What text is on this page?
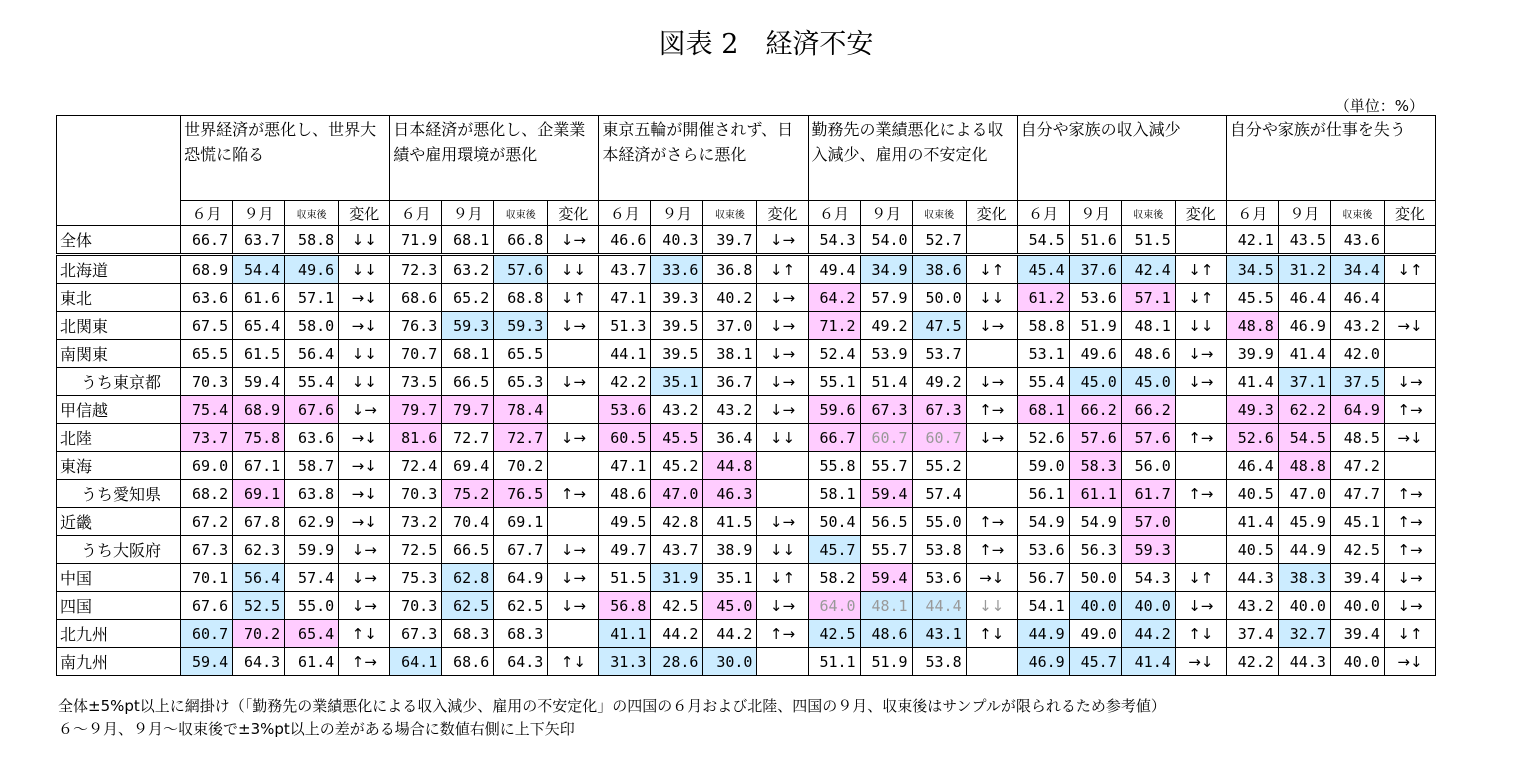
図表 2　経済不安
（単位：%）
	世界経済が悪化し、世界大恐慌に陥る				日本経済が悪化し、企業業績や雇用環境が悪化				東京五輪が開催されず、日本経済がさらに悪化				勤務先の業績悪化による収入減少、雇用の不安定化				自分や家族の収入減少				自分や家族が仕事を失う			
	６月	９月	収束後	変化	６月	９月	収束後	変化	６月	９月	収束後	変化	６月	９月	収束後	変化	６月	９月	収束後	変化	６月	９月	収束後	変化
全体	66.7	63.7	58.8	↓↓	71.9	68.1	66.8	↓→	46.6	40.3	39.7	↓→	54.3	54.0	52.7		54.5	51.6	51.5		42.1	43.5	43.6	
北海道	68.9	54.4	49.6	↓↓	72.3	63.2	57.6	↓↓	43.7	33.6	36.8	↓↑	49.4	34.9	38.6	↓↑	45.4	37.6	42.4	↓↑	34.5	31.2	34.4	↓↑
東北	63.6	61.6	57.1	→↓	68.6	65.2	68.8	↓↑	47.1	39.3	40.2	↓→	64.2	57.9	50.0	↓↓	61.2	53.6	57.1	↓↑	45.5	46.4	46.4	
北関東	67.5	65.4	58.0	→↓	76.3	59.3	59.3	↓→	51.3	39.5	37.0	↓→	71.2	49.2	47.5	↓→	58.8	51.9	48.1	↓↓	48.8	46.9	43.2	→↓
南関東	65.5	61.5	56.4	↓↓	70.7	68.1	65.5		44.1	39.5	38.1	↓→	52.4	53.9	53.7		53.1	49.6	48.6	↓→	39.9	41.4	42.0	
うち東京都	70.3	59.4	55.4	↓↓	73.5	66.5	65.3	↓→	42.2	35.1	36.7	↓→	55.1	51.4	49.2	↓→	55.4	45.0	45.0	↓→	41.4	37.1	37.5	↓→
甲信越	75.4	68.9	67.6	↓→	79.7	79.7	78.4		53.6	43.2	43.2	↓→	59.6	67.3	67.3	↑→	68.1	66.2	66.2		49.3	62.2	64.9	↑→
北陸	73.7	75.8	63.6	→↓	81.6	72.7	72.7	↓→	60.5	45.5	36.4	↓↓	66.7	60.7	60.7	↓→	52.6	57.6	57.6	↑→	52.6	54.5	48.5	→↓
東海	69.0	67.1	58.7	→↓	72.4	69.4	70.2		47.1	45.2	44.8		55.8	55.7	55.2		59.0	58.3	56.0		46.4	48.8	47.2	
うち愛知県	68.2	69.1	63.8	→↓	70.3	75.2	76.5	↑→	48.6	47.0	46.3		58.1	59.4	57.4		56.1	61.1	61.7	↑→	40.5	47.0	47.7	↑→
近畿	67.2	67.8	62.9	→↓	73.2	70.4	69.1		49.5	42.8	41.5	↓→	50.4	56.5	55.0	↑→	54.9	54.9	57.0		41.4	45.9	45.1	↑→
うち大阪府	67.3	62.3	59.9	↓→	72.5	66.5	67.7	↓→	49.7	43.7	38.9	↓↓	45.7	55.7	53.8	↑→	53.6	56.3	59.3		40.5	44.9	42.5	↑→
中国	70.1	56.4	57.4	↓→	75.3	62.8	64.9	↓→	51.5	31.9	35.1	↓↑	58.2	59.4	53.6	→↓	56.7	50.0	54.3	↓↑	44.3	38.3	39.4	↓→
四国	67.6	52.5	55.0	↓→	70.3	62.5	62.5	↓→	56.8	42.5	45.0	↓→	64.0	48.1	44.4	↓↓	54.1	40.0	40.0	↓→	43.2	40.0	40.0	↓→
北九州	60.7	70.2	65.4	↑↓	67.3	68.3	68.3		41.1	44.2	44.2	↑→	42.5	48.6	43.1	↑↓	44.9	49.0	44.2	↑↓	37.4	32.7	39.4	↓↑
南九州	59.4	64.3	61.4	↑→	64.1	68.6	64.3	↑↓	31.3	28.6	30.0		51.1	51.9	53.8		46.9	45.7	41.4	→↓	42.2	44.3	40.0	→↓
全体±5%pt以上に網掛け（「勤務先の業績悪化による収入減少、雇用の不安定化」の四国の６月および北陸、四国の９月、収束後はサンプルが限られるため参考値）
６～９月、９月～収束後で±3%pt以上の差がある場合に数値右側に上下矢印
